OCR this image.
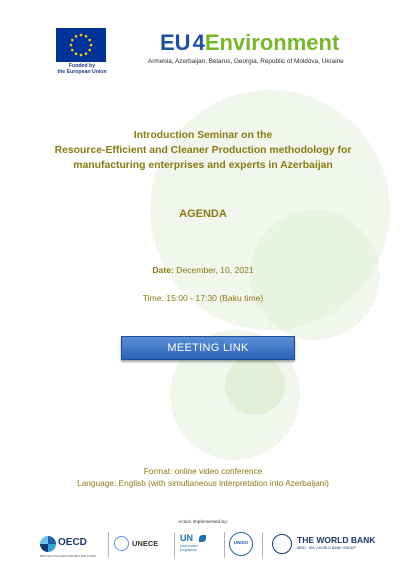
Funded by
the European Union
EU4Environment
Armenia, Azerbaijan, Belarus, Georgia, Republic of Moldova, Ukraine
Introduction Seminar on the
Resource-Efficient and Cleaner Production methodology for
manufacturing enterprises and experts in Azerbaijan
AGENDA
Date: December, 10, 2021
Time: 15:00 - 17:30 (Baku time)
MEETING LINK
Format: online video conference
Language: English (with simultaneous interpretation into Azerbaijani)
Action implemented by:
OECD
BETTER POLICIES FOR BETTER LIVES
UNECE
UN
environment programme
UNIDO	THE WORLD BANK
IBRD · IDA | WORLD BANK GROUP
